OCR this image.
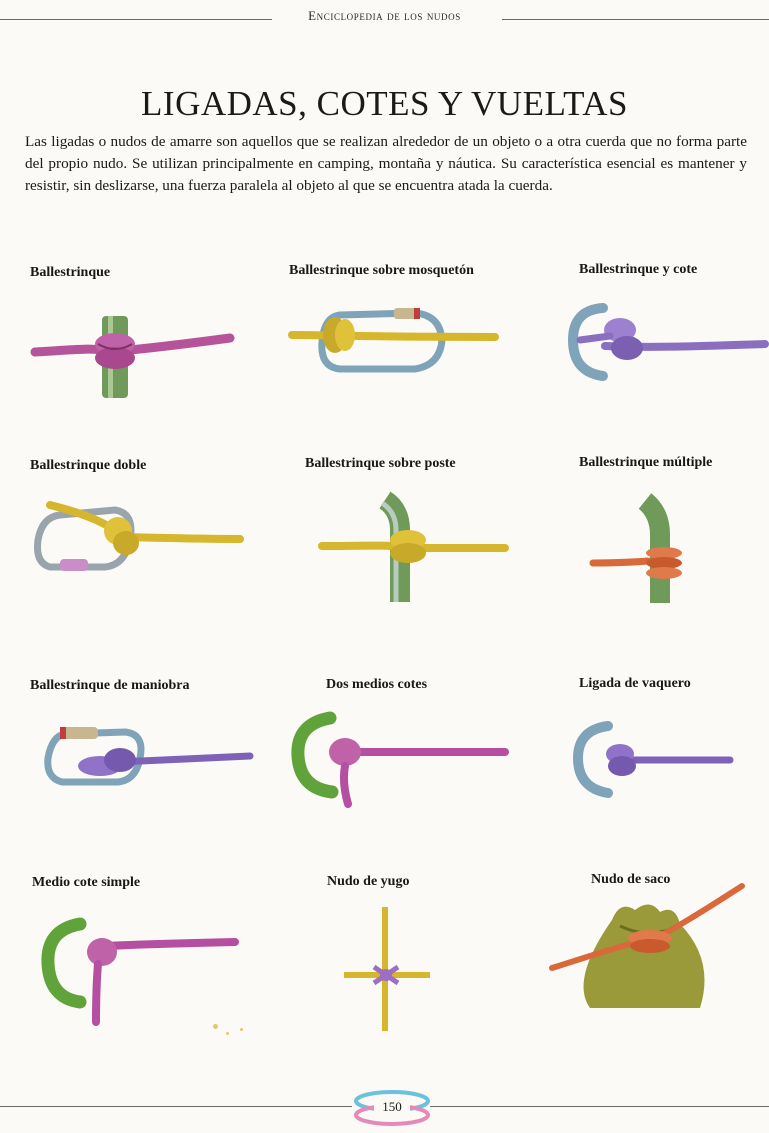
Enciclopedia de los nudos
LIGADAS, COTES Y VUELTAS

Las ligadas o nudos de amarre son aquellos que se realizan alrededor de un objeto o a otra cuerda que no forma parte del propio nudo. Se utilizan principalmente en camping, montaña y náutica. Su característica esencial es mantener y resistir, sin deslizarse, una fuerza paralela al objeto al que se encuentra atada la cuerda.

Ballestrinque	Ballestrinque sobre mosquetón	Ballestrinque y cote
Ballestrinque doble	Ballestrinque sobre poste	Ballestrinque múltiple
Ballestrinque de maniobra	Dos medios cotes	Ligada de vaquero
Medio cote simple	Nudo de yugo	Nudo de saco
150
